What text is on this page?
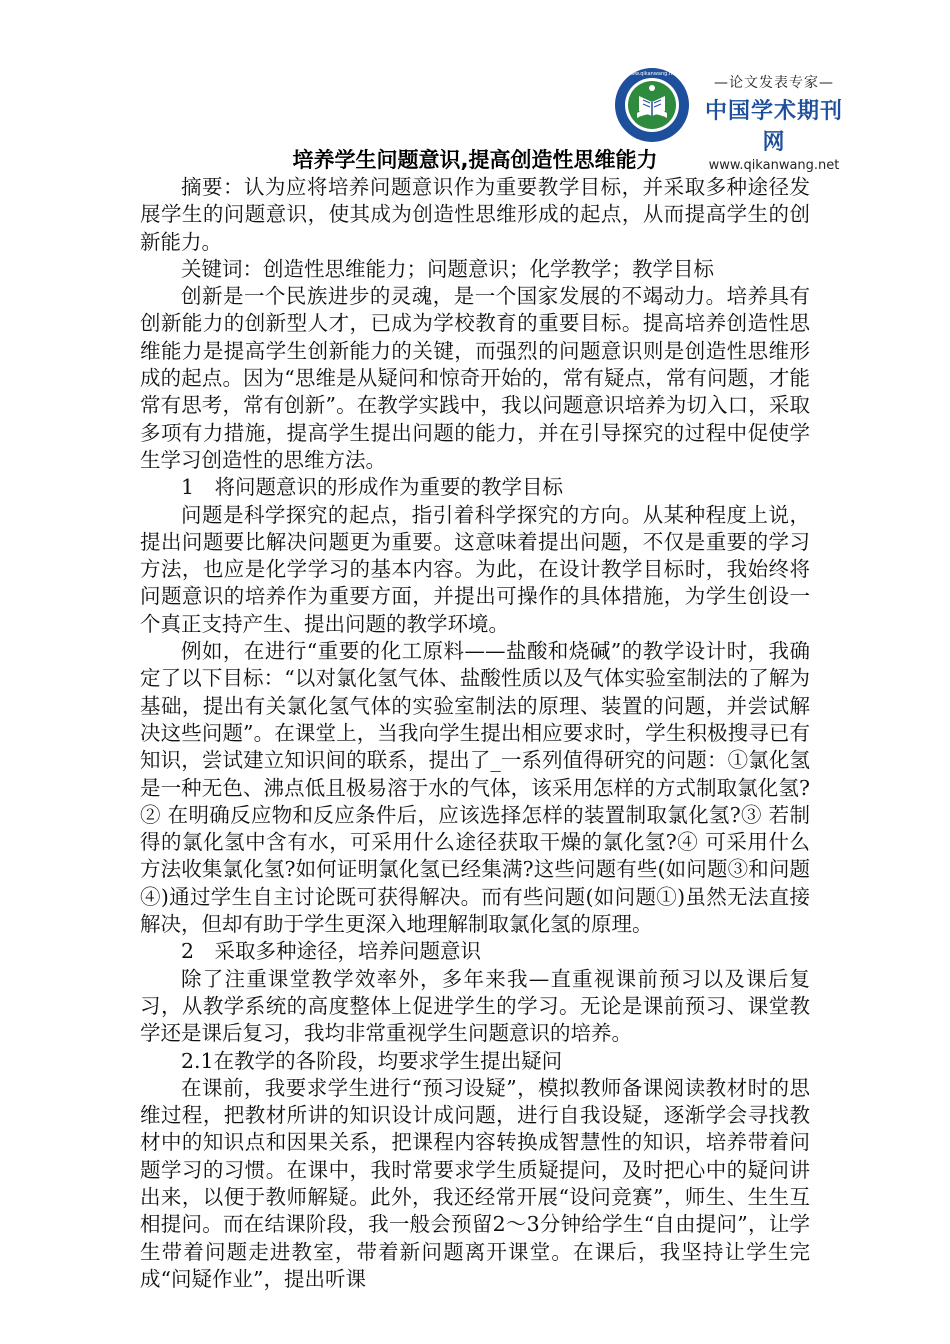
www.qikanwang.net
—论文发表专家—
中国学术期刊网
www.qikanwang.net
培养学生问题意识,提高创造性思维能力

摘要：认为应将培养问题意识作为重要教学目标，并采取多种途径发展学生的问题意识，使其成为创造性思维形成的起点，从而提高学生的创新能力。

关键词：创造性思维能力；问题意识；化学教学；教学目标

创新是一个民族进步的灵魂，是一个国家发展的不竭动力。培养具有创新能力的创新型人才，已成为学校教育的重要目标。提高培养创造性思维能力是提高学生创新能力的关键，而强烈的问题意识则是创造性思维形成的起点。因为“思维是从疑问和惊奇开始的，常有疑点，常有问题，才能常有思考，常有创新”。在教学实践中，我以问题意识培养为切入口，采取多项有力措施，提高学生提出问题的能力，并在引导探究的过程中促使学生学习创造性的思维方法。

1　将问题意识的形成作为重要的教学目标

问题是科学探究的起点，指引着科学探究的方向。从某种程度上说，提出问题要比解决问题更为重要。这意味着提出问题，不仅是重要的学习方法，也应是化学学习的基本内容。为此，在设计教学目标时，我始终将问题意识的培养作为重要方面，并提出可操作的具体措施，为学生创设一个真正支持产生、提出问题的教学环境。

例如，在进行“重要的化工原料——盐酸和烧碱”的教学设计时，我确定了以下目标：“以对氯化氢气体、盐酸性质以及气体实验室制法的了解为基础，提出有关氯化氢气体的实验室制法的原理、装置的问题，并尝试解决这些问题”。在课堂上，当我向学生提出相应要求时，学生积极搜寻已有知识，尝试建立知识间的联系，提出了_一系列值得研究的问题：①氯化氢是一种无色、沸点低且极易溶于水的气体，该采用怎样的方式制取氯化氢?② 在明确反应物和反应条件后，应该选择怎样的装置制取氯化氢?③ 若制得的氯化氢中含有水，可采用什么途径获取干燥的氯化氢?④ 可采用什么方法收集氯化氢?如何证明氯化氢已经集满?这些问题有些(如问题③和问题④)通过学生自主讨论既可获得解决。而有些问题(如问题①)虽然无法直接解决，但却有助于学生更深入地理解制取氯化氢的原理。

2　采取多种途径，培养问题意识

除了注重课堂教学效率外，多年来我—直重视课前预习以及课后复习，从教学系统的高度整体上促进学生的学习。无论是课前预习、课堂教学还是课后复习，我均非常重视学生问题意识的培养。

2.1在教学的各阶段，均要求学生提出疑问

在课前，我要求学生进行“预习设疑”，模拟教师备课阅读教材时的思维过程，把教材所讲的知识设计成问题，进行自我设疑，逐渐学会寻找教材中的知识点和因果关系，把课程内容转换成智慧性的知识，培养带着问题学习的习惯。在课中，我时常要求学生质疑提问，及时把心中的疑问讲出来，以便于教师解疑。此外，我还经常开展“设问竞赛”，师生、生生互相提问。而在结课阶段，我一般会预留2～3分钟给学生“自由提问”，让学生带着问题走进教室，带着新问题离开课堂。在课后，我坚持让学生完成“问疑作业”，提出听课
